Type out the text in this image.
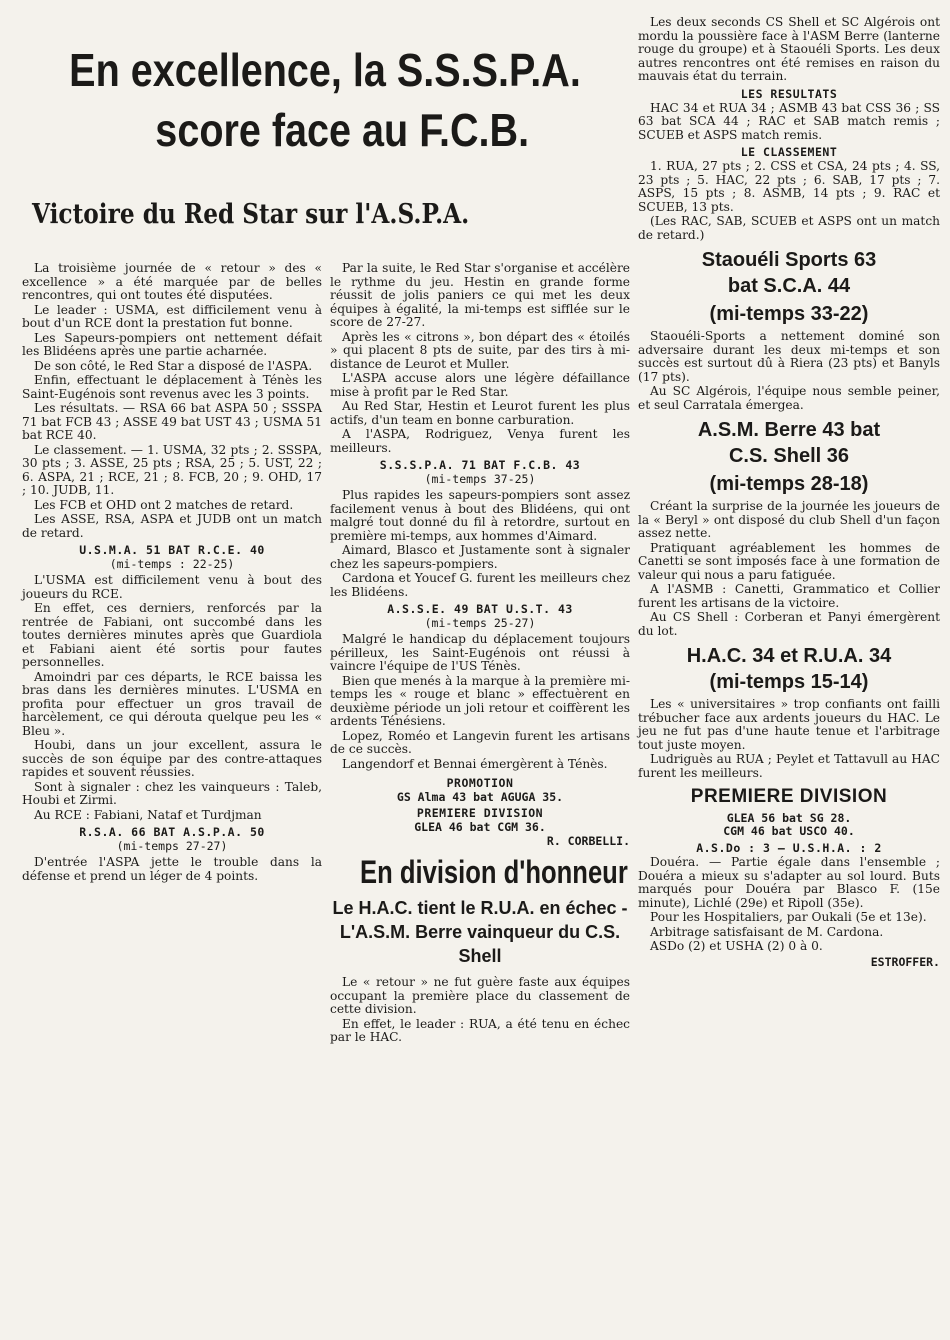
En excellence, la S.S.S.P.A.
score face au F.C.B.
Victoire du Red Star sur l'A.S.P.A.

La troisième journée de « retour » des « excellence » a été marquée par de belles rencontres, qui ont toutes été disputées.

Le leader : USMA, est difficilement venu à bout d'un RCE dont la prestation fut bonne.

Les Sapeurs-pompiers ont nettement défait les Blidéens après une partie acharnée.

De son côté, le Red Star a disposé de l'ASPA.

Enfin, effectuant le déplacement à Ténès les Saint-Eugénois sont revenus avec les 3 points.

Les résultats. — RSA 66 bat ASPA 50 ; SSSPA 71 bat FCB 43 ; ASSE 49 bat UST 43 ; USMA 51 bat RCE 40.

Le classement. — 1. USMA, 32 pts ; 2. SSSPA, 30 pts ; 3. ASSE, 25 pts ; RSA, 25 ; 5. UST, 22 ; 6. ASPA, 21 ; RCE, 21 ; 8. FCB, 20 ; 9. OHD, 17 ; 10. JUDB, 11.

Les FCB et OHD ont 2 matches de retard.

Les ASSE, RSA, ASPA et JUDB ont un match de retard.

U.S.M.A. 51 BAT R.C.E. 40
(mi-temps : 22-25)

L'USMA est difficilement venu à bout des joueurs du RCE.

En effet, ces derniers, renforcés par la rentrée de Fabiani, ont succombé dans les toutes dernières minutes après que Guardiola et Fabiani aient été sortis pour fautes personnelles.

Amoindri par ces départs, le RCE baissa les bras dans les dernières minutes. L'USMA en profita pour effectuer un gros travail de harcèlement, ce qui dérouta quelque peu les « Bleu ».

Houbi, dans un jour excellent, assura le succès de son équipe par des contre-attaques rapides et souvent réussies.

Sont à signaler : chez les vainqueurs : Taleb, Houbi et Zirmi.

Au RCE : Fabiani, Nataf et Turdjman

R.S.A. 66 BAT A.S.P.A. 50
(mi-temps 27-27)

D'entrée l'ASPA jette le trouble dans la défense et prend un léger de 4 points.

Par la suite, le Red Star s'organise et accélère le rythme du jeu. Hestin en grande forme réussit de jolis paniers ce qui met les deux équipes à égalité, la mi-temps est sifflée sur le score de 27-27.

Après les « citrons », bon départ des « étoilés » qui placent 8 pts de suite, par des tirs à mi-distance de Leurot et Muller.

L'ASPA accuse alors une légère défaillance mise à profit par le Red Star.

Au Red Star, Hestin et Leurot furent les plus actifs, d'un team en bonne carburation.

A l'ASPA, Rodriguez, Venya furent les meilleurs.

S.S.S.P.A. 71 BAT F.C.B. 43
(mi-temps 37-25)

Plus rapides les sapeurs-pompiers sont assez facilement venus à bout des Blidéens, qui ont malgré tout donné du fil à retordre, surtout en première mi-temps, aux hommes d'Aimard.

Aimard, Blasco et Justamente sont à signaler chez les sapeurs-pompiers.

Cardona et Youcef G. furent les meilleurs chez les Blidéens.

A.S.S.E. 49 BAT U.S.T. 43
(mi-temps 25-27)

Malgré le handicap du déplacement toujours périlleux, les Saint-Eugénois ont réussi à vaincre l'équipe de l'US Ténès.

Bien que menés à la marque à la première mi-temps les « rouge et blanc » effectuèrent en deuxième période un joli retour et coiffèrent les ardents Ténésiens.

Lopez, Roméo et Langevin furent les artisans de ce succès.

Langendorf et Bennai émergèrent à Ténès.

PROMOTION
GS Alma 43 bat AGUGA 35.
PREMIERE DIVISION
GLEA 46 bat CGM 36.
R. CORBELLI.
En division d'honneur
Le H.A.C. tient le R.U.A. en échec - L'A.S.M. Berre vainqueur du C.S. Shell

Le « retour » ne fut guère faste aux équipes occupant la première place du classement de cette division.

En effet, le leader : RUA, a été tenu en échec par le HAC.

Les deux seconds CS Shell et SC Algérois ont mordu la poussière face à l'ASM Berre (lanterne rouge du groupe) et à Staouéli Sports. Les deux autres rencontres ont été remises en raison du mauvais état du terrain.

LES RESULTATS

HAC 34 et RUA 34 ; ASMB 43 bat CSS 36 ; SS 63 bat SCA 44 ; RAC et SAB match remis ; SCUEB et ASPS match remis.

LE CLASSEMENT

1. RUA, 27 pts ; 2. CSS et CSA, 24 pts ; 4. SS, 23 pts ; 5. HAC, 22 pts ; 6. SAB, 17 pts ; 7. ASPS, 15 pts ; 8. ASMB, 14 pts ; 9. RAC et SCUEB, 13 pts.

(Les RAC, SAB, SCUEB et ASPS ont un match de retard.)

Staouéli Sports 63
bat S.C.A. 44
(mi-temps 33-22)

Staouéli-Sports a nettement dominé son adversaire durant les deux mi-temps et son succès est surtout dû à Riera (23 pts) et Banyls (17 pts).

Au SC Algérois, l'équipe nous semble peiner, et seul Carratala émergea.

A.S.M. Berre 43 bat
C.S. Shell 36
(mi-temps 28-18)

Créant la surprise de la journée les joueurs de la « Beryl » ont disposé du club Shell d'un façon assez nette.

Pratiquant agréablement les hommes de Canetti se sont imposés face à une formation de valeur qui nous a paru fatiguée.

A l'ASMB : Canetti, Grammatico et Collier furent les artisans de la victoire.

Au CS Shell : Corberan et Panyi émergèrent du lot.

H.A.C. 34 et R.U.A. 34
(mi-temps 15-14)

Les « universitaires » trop confiants ont failli trébucher face aux ardents joueurs du HAC. Le jeu ne fut pas d'une haute tenue et l'arbitrage tout juste moyen.

Ludriguès au RUA ; Peylet et Tattavull au HAC furent les meilleurs.

PREMIERE DIVISION
GLEA 56 bat SG 28.
CGM 46 bat USCO 40.
A.S.Do : 3 — U.S.H.A. : 2

Douéra. — Partie égale dans l'ensemble ; Douéra a mieux su s'adapter au sol lourd. Buts marqués pour Douéra par Blasco F. (15e minute), Lichlé (29e) et Ripoll (35e).

Pour les Hospitaliers, par Oukali (5e et 13e).

Arbitrage satisfaisant de M. Cardona.

ASDo (2) et USHA (2) 0 à 0.

ESTROFFER.
